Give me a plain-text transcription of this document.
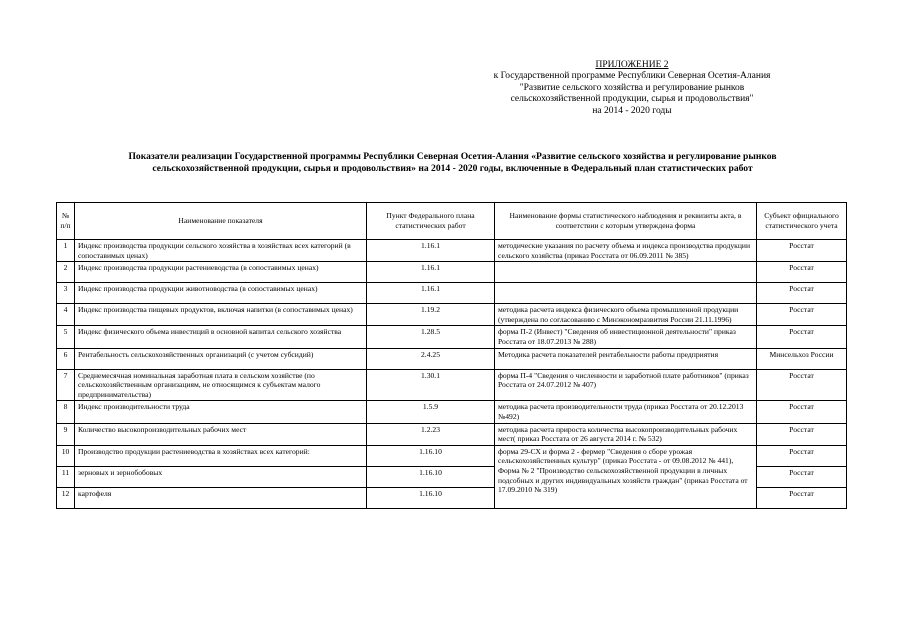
ПРИЛОЖЕНИЕ 2
к Государственной программе Республики Северная Осетия-Алания
"Развитие сельского хозяйства и регулирование рынков
сельскохозяйственной продукции, сырья и продовольствия"
на 2014 - 2020 годы
Показатели реализации Государственной программы Республики Северная Осетия-Алания «Развитие сельского хозяйства и регулирование рынков
сельскохозяйственной продукции, сырья и продовольствия» на 2014 - 2020 годы, включенные в Федеральный план статистических работ
№ п/п	Наименование показателя	Пункт Федерального плана статистических работ	Наименование формы статистического наблюдения и реквизиты акта, в соответствии с которым утверждена форма	Субъект официального статистического учета
1	Индекс производства продукции сельского хозяйства в хозяйствах всех категорий (в сопоставимых ценах)	1.16.1	методические указания по расчету объема и индекса производства продукции сельского хозяйства (приказ Росстата от 06.09.2011 № 385)	Росстат
2	Индекс производства продукции растениеводства (в сопоставимых ценах)	1.16.1		Росстат
3	Индекс производства продукции животноводства (в сопоставимых ценах)	1.16.1		Росстат
4	Индекс производства пищевых продуктов, включая напитки (в сопоставимых ценах)	1.19.2	методика расчета индекса физического объема промышленной продукции (утверждена по согласованию с Минэкономразвития России 21.11.1996)	Росстат
5	Индекс физического объема инвестиций в основной капитал сельского хозяйства	1.28.5	форма П-2 (Инвест) "Сведения об инвестиционной деятельности" приказ Росстата от 18.07.2013 № 288)	Росстат
6	Рентабельность сельскохозяйственных организаций (с учетом субсидий)	2.4.25	Методика расчета показателей рентабельности работы предприятия	Минсельхоз России
7	Среднемесячная номинальная заработная плата в сельском хозяйстве (по сельскохозяйственным организациям, не относящимся к субъектам малого предпринимательства)	1.30.1	форма П-4 "Сведения о численности и заработной плате работников" (приказ Росстата от 24.07.2012 № 407)	Росстат
8	Индекс производительности труда	1.5.9	методика расчета производительности труда (приказ Росстата от 20.12.2013 №492)	Росстат
9	Количество высокопроизводительных рабочих мест	1.2.23	методика расчета прироста количества высокопроизводительных рабочих мест( приказ Росстата от 26 августа 2014 г. № 532)	Росстат
10	Производство продукции растениеводства в хозяйствах всех категорий:	1.16.10	форма 29-СХ и форма 2 - фермер "Сведения о сборе урожая сельскохозяйственных культур" (приказ Росстата - от 09.08.2012 № 441), Форма № 2 "Производство сельскохозяйственной продукции в личных подсобных и других индивидуальных хозяйств граждан" (приказ Росстата от 17.09.2010 № 319)	Росстат
11	зерновых и зернобобовых	1.16.10		Росстат
12	картофеля	1.16.10		Росстат
